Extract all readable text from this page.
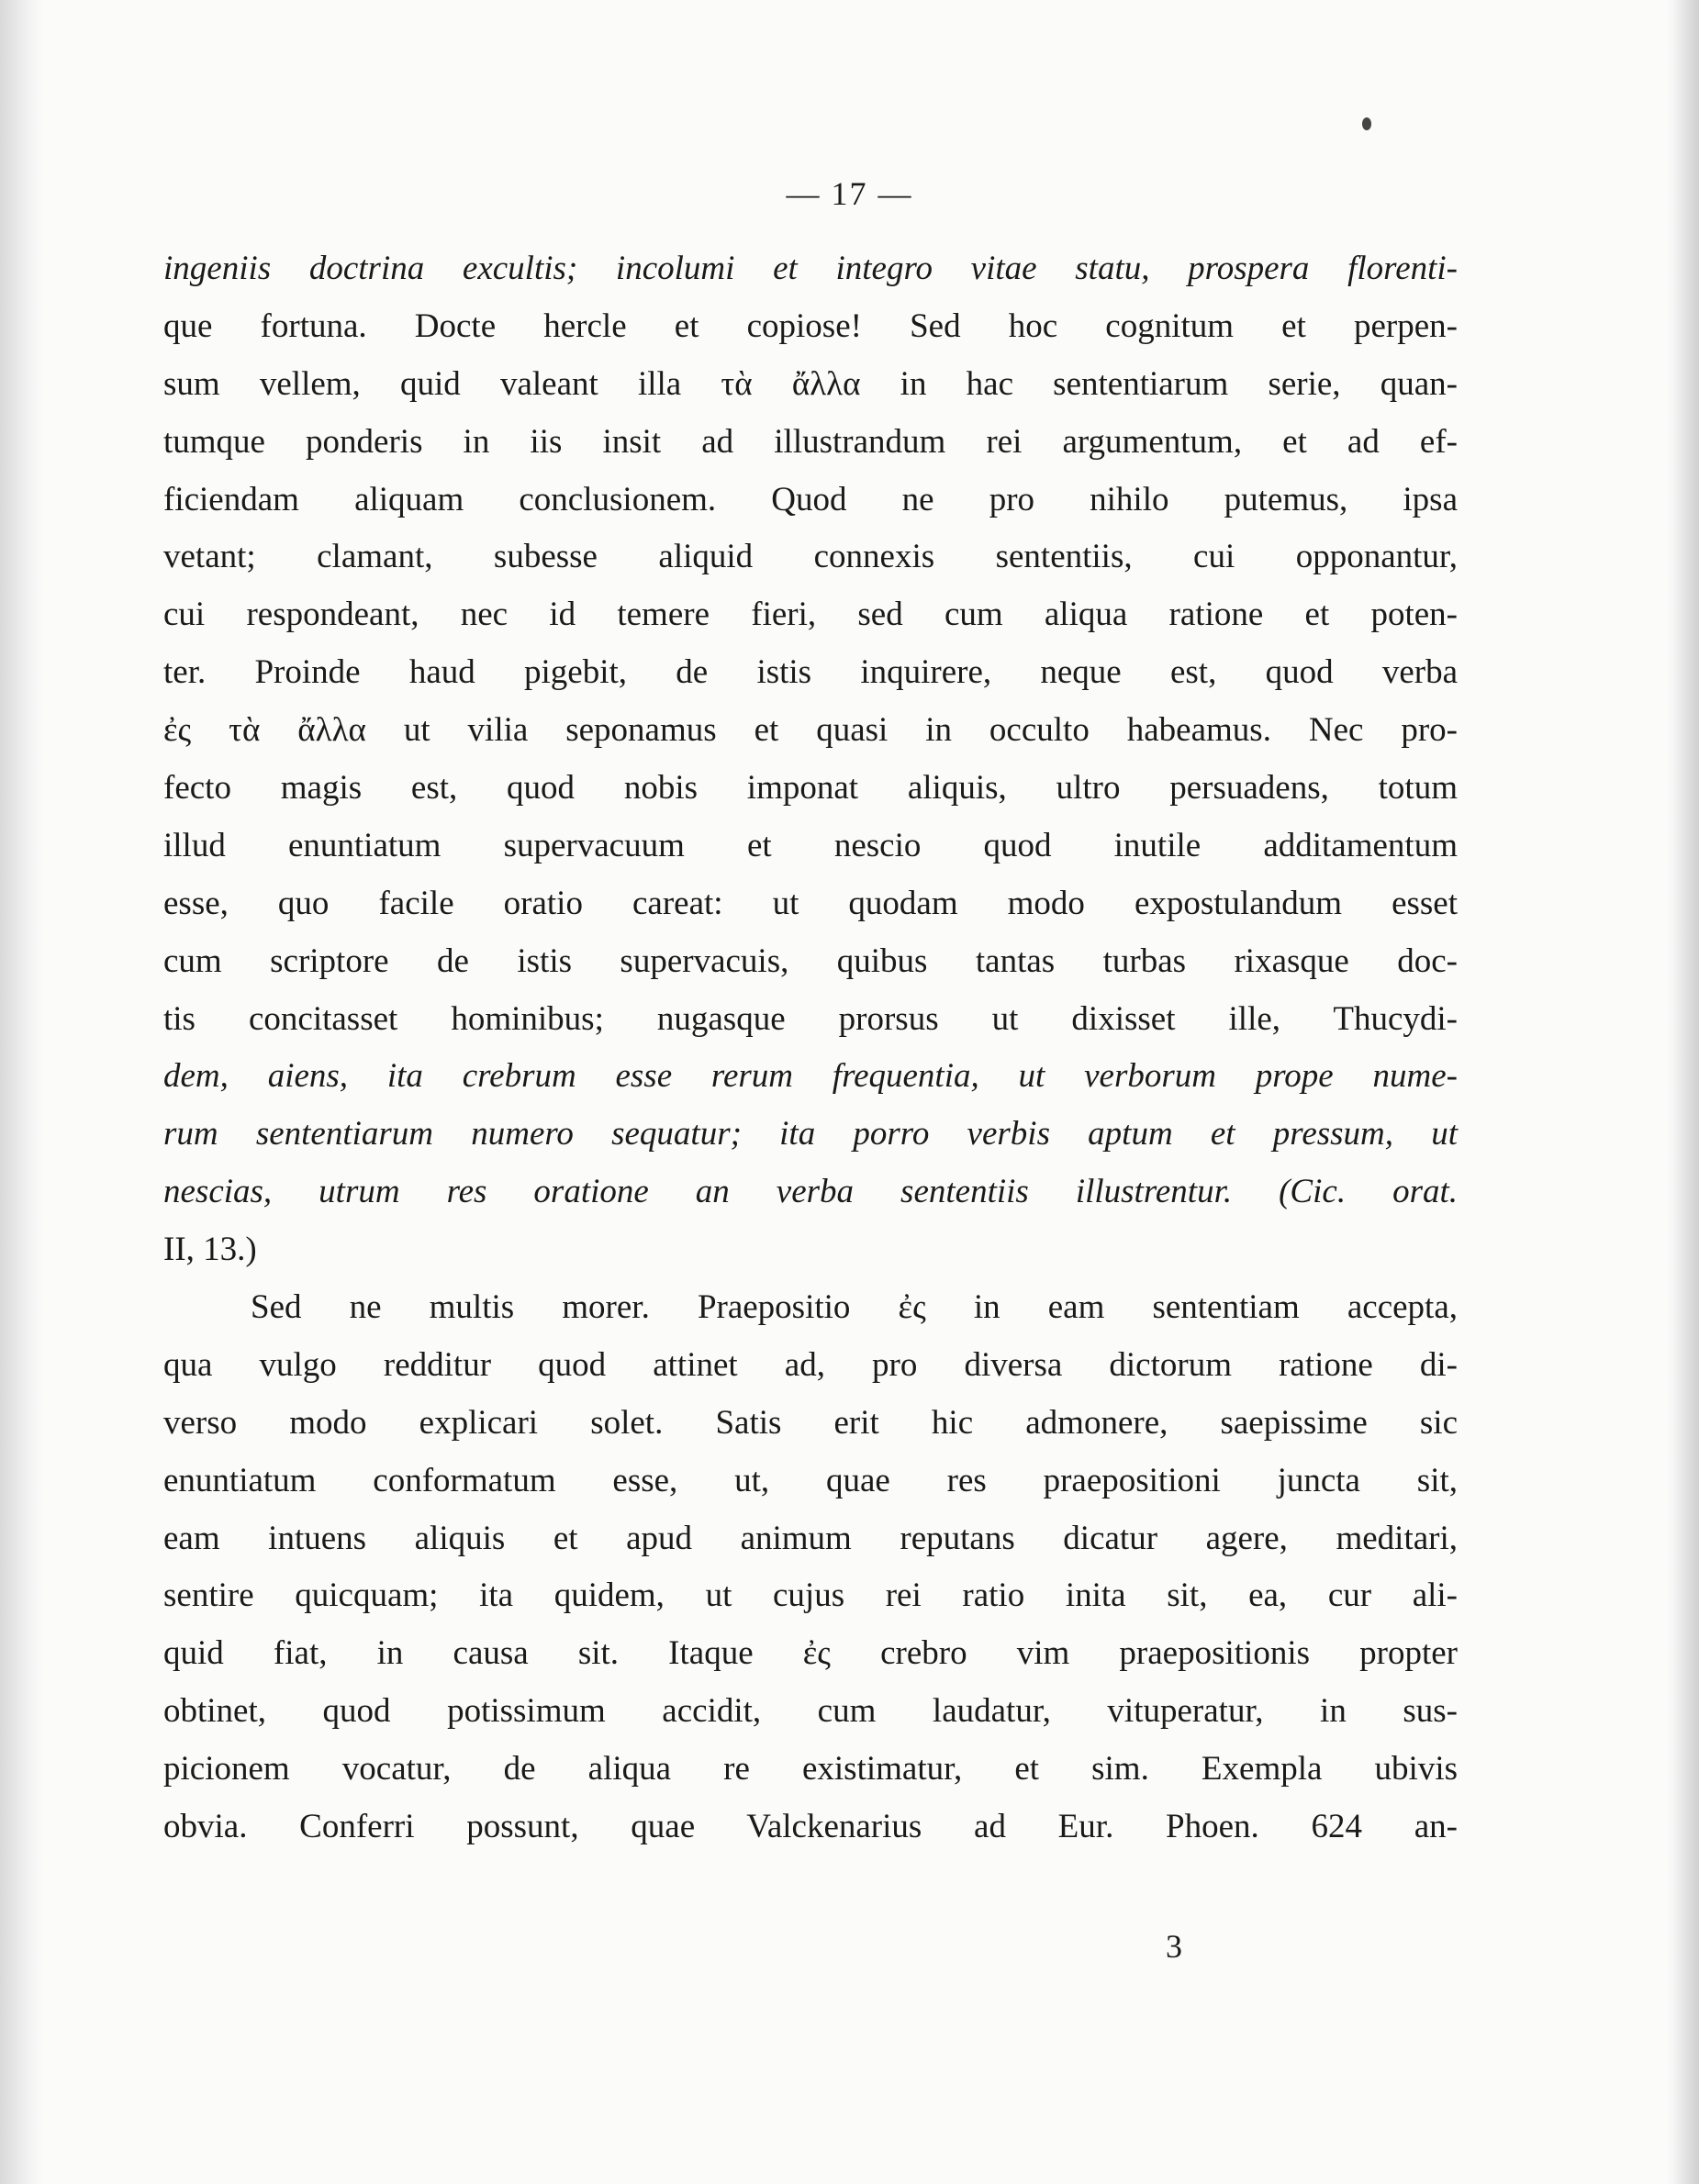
— 17 —
ingeniis doctrina excultis; incolumi et integro vitae statu, prospera florenti-
que fortuna. Docte hercle et copiose! Sed hoc cognitum et perpen-
sum vellem, quid valeant illa τὰ ἄλλα in hac sententiarum serie, quan-
tumque ponderis in iis insit ad illustrandum rei argumentum, et ad ef-
ficiendam aliquam conclusionem. Quod ne pro nihilo putemus, ipsa
vetant; clamant, subesse aliquid connexis sententiis, cui opponantur,
cui respondeant, nec id temere fieri, sed cum aliqua ratione et poten-
ter. Proinde haud pigebit, de istis inquirere, neque est, quod verba
ἐς τὰ ἄλλα ut vilia seponamus et quasi in occulto habeamus. Nec pro-
fecto magis est, quod nobis imponat aliquis, ultro persuadens, totum
illud enuntiatum supervacuum et nescio quod inutile additamentum
esse, quo facile oratio careat: ut quodam modo expostulandum esset
cum scriptore de istis supervacuis, quibus tantas turbas rixasque doc-
tis concitasset hominibus; nugasque prorsus ut dixisset ille, Thucydi-
dem, aiens, ita crebrum esse rerum frequentia, ut verborum prope nume-
rum sententiarum numero sequatur; ita porro verbis aptum et pressum, ut
nescias, utrum res oratione an verba sententiis illustrentur. (Cic. orat.
II, 13.)
Sed ne multis morer. Praepositio ἐς in eam sententiam accepta,
qua vulgo redditur quod attinet ad, pro diversa dictorum ratione di-
verso modo explicari solet. Satis erit hic admonere, saepissime sic
enuntiatum conformatum esse, ut, quae res praepositioni juncta sit,
eam intuens aliquis et apud animum reputans dicatur agere, meditari,
sentire quicquam; ita quidem, ut cujus rei ratio inita sit, ea, cur ali-
quid fiat, in causa sit. Itaque ἐς crebro vim praepositionis propter
obtinet, quod potissimum accidit, cum laudatur, vituperatur, in sus-
picionem vocatur, de aliqua re existimatur, et sim. Exempla ubivis
obvia. Conferri possunt, quae Valckenarius ad Eur. Phoen. 624 an-
3
